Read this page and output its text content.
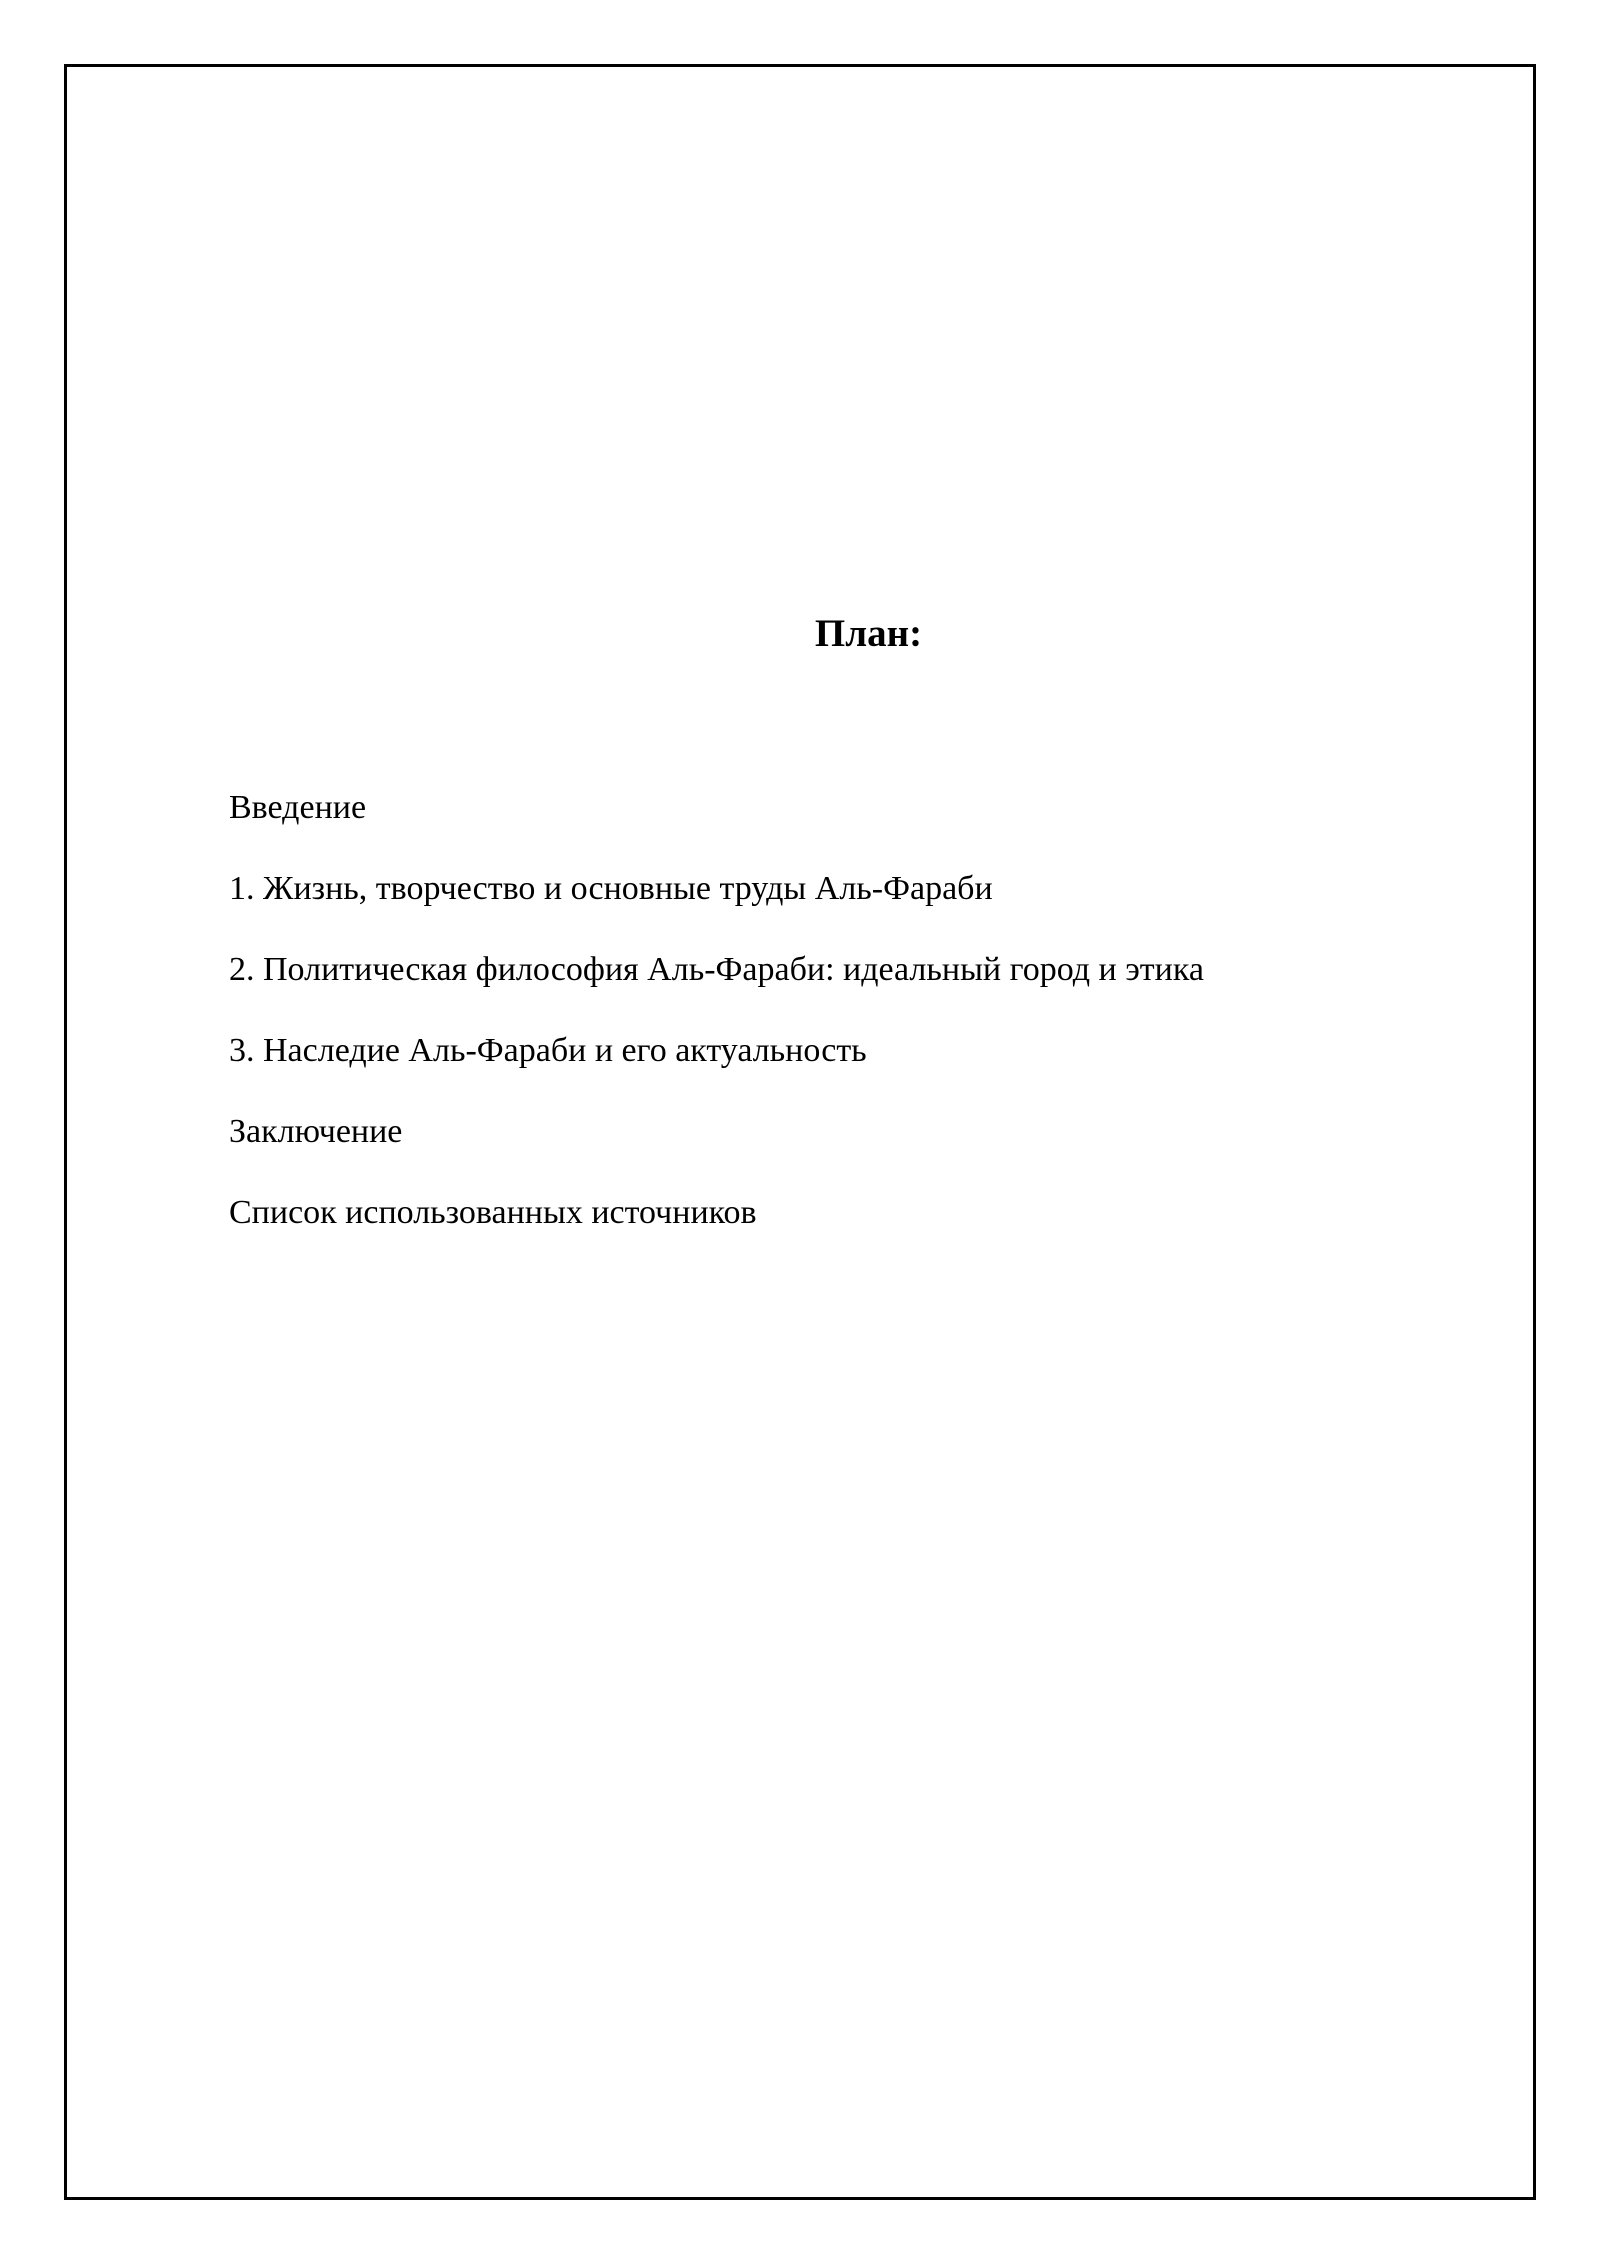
План:
Введение
1. Жизнь, творчество и основные труды Аль-Фараби
2. Политическая философия Аль-Фараби: идеальный город и этика
3. Наследие Аль-Фараби и его актуальность
Заключение
Список использованных источников
